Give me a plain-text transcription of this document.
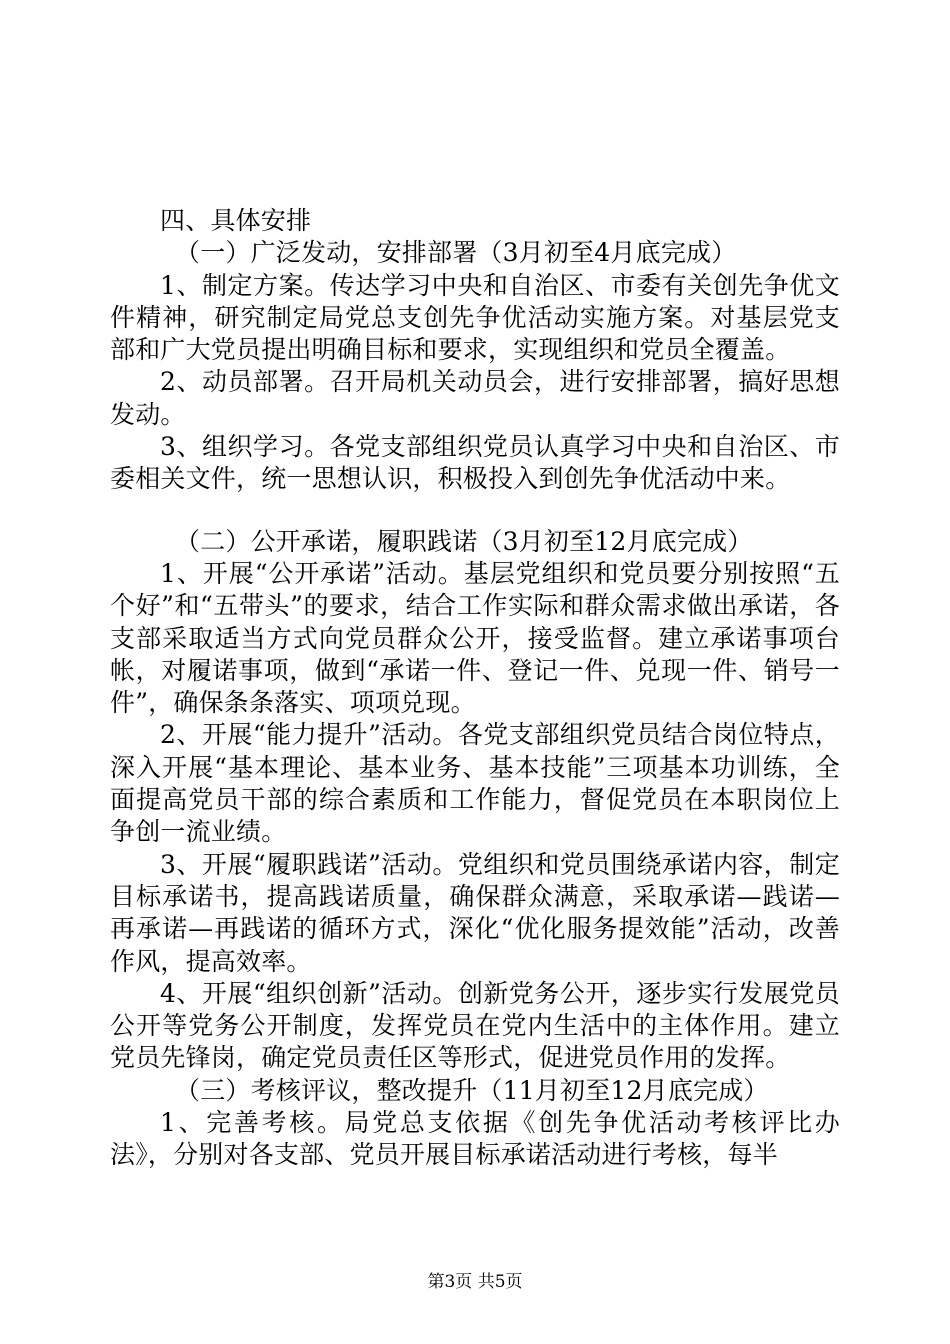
四、具体安排

（一）广泛发动，安排部署（3月初至4月底完成）

1、制定方案。传达学习中央和自治区、市委有关创先争优文件精神，研究制定局党总支创先争优活动实施方案。对基层党支部和广大党员提出明确目标和要求，实现组织和党员全覆盖。

2、动员部署。召开局机关动员会，进行安排部署，搞好思想发动。

3、组织学习。各党支部组织党员认真学习中央和自治区、市委相关文件，统一思想认识，积极投入到创先争优活动中来。

（二）公开承诺，履职践诺（3月初至12月底完成）

1、开展“公开承诺”活动。基层党组织和党员要分别按照“五个好”和“五带头”的要求，结合工作实际和群众需求做出承诺，各支部采取适当方式向党员群众公开，接受监督。建立承诺事项台帐，对履诺事项，做到“承诺一件、登记一件、兑现一件、销号一件”，确保条条落实、项项兑现。

2、开展“能力提升”活动。各党支部组织党员结合岗位特点，深入开展“基本理论、基本业务、基本技能”三项基本功训练，全面提高党员干部的综合素质和工作能力，督促党员在本职岗位上争创一流业绩。

3、开展“履职践诺”活动。党组织和党员围绕承诺内容，制定目标承诺书，提高践诺质量，确保群众满意，采取承诺—践诺—再承诺—再践诺的循环方式，深化“优化服务提效能”活动，改善作风，提高效率。

4、开展“组织创新”活动。创新党务公开，逐步实行发展党员公开等党务公开制度，发挥党员在党内生活中的主体作用。建立党员先锋岗，确定党员责任区等形式，促进党员作用的发挥。

（三）考核评议，整改提升（11月初至12月底完成）

1、完善考核。局党总支依据《创先争优活动考核评比办法》，分别对各支部、党员开展目标承诺活动进行考核，每半

第3页 共5页
